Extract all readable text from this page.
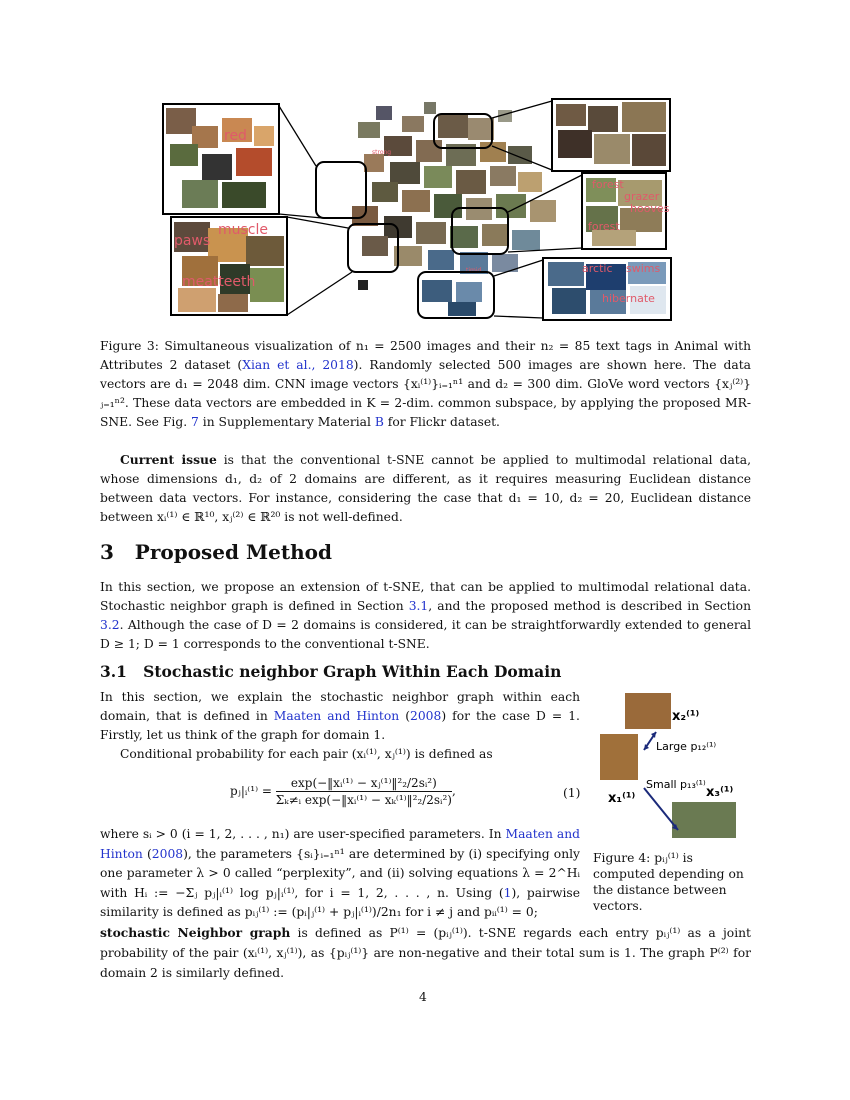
red
paws
muscle
meatteeth
forest
grazer
hooves
forest
arctic swims
hibernate
strong
timid
Figure 3: Simultaneous visualization of n₁ = 2500 images and their n₂ = 85 text tags in Animal with Attributes 2 dataset (Xian et al., 2018). Randomly selected 500 images are shown here. The data vectors are d₁ = 2048 dim. CNN image vectors {xᵢ⁽¹⁾}ᵢ₌₁ⁿ¹ and d₂ = 300 dim. GloVe word vectors {xⱼ⁽²⁾}ⱼ₌₁ⁿ². These data vectors are embedded in K = 2-dim. common subspace, by applying the proposed MR-SNE. See Fig. 7 in Supplementary Material B for Flickr dataset.
Current issue is that the conventional t-SNE cannot be applied to multimodal relational data, whose dimensions d₁, d₂ of 2 domains are different, as it requires measuring Euclidean distance between data vectors. For instance, considering the case that d₁ = 10, d₂ = 20, Euclidean distance between xᵢ⁽¹⁾ ∈ ℝ¹⁰, xⱼ⁽²⁾ ∈ ℝ²⁰ is not well-defined.
3   Proposed Method
In this section, we propose an extension of t-SNE, that can be applied to multimodal relational data. Stochastic neighbor graph is defined in Section 3.1, and the proposed method is described in Section 3.2. Although the case of D = 2 domains is considered, it can be straightforwardly extended to general D ≥ 1; D = 1 corresponds to the conventional t-SNE.
3.1   Stochastic neighbor Graph Within Each Domain
In this section, we explain the stochastic neighbor graph within each domain, that is defined in Maaten and Hinton (2008) for the case D = 1. Firstly, let us think of the graph for domain 1.
Conditional probability for each pair (xᵢ⁽¹⁾, xⱼ⁽¹⁾) is defined as
pⱼ|ᵢ⁽¹⁾ = $\frac{\text{exp(−‖xᵢ⁽¹⁾ − xⱼ⁽¹⁾‖²₂/2sᵢ²)}}{\text{Σₖ≠ᵢ exp(−‖xᵢ⁽¹⁾ − xₖ⁽¹⁾‖²₂/2sᵢ²)}}$ ,	(1)
where sᵢ > 0 (i = 1, 2, . . . , n₁) are user-specified parameters. In Maaten and Hinton (2008), the parameters {sᵢ}ᵢ₌₁ⁿ¹ are determined by (i) specifying only one parameter λ > 0 called “perplexity”, and (ii) solving equations λ = 2^Hᵢ with Hᵢ := −Σⱼ pⱼ|ᵢ⁽¹⁾ log pⱼ|ᵢ⁽¹⁾, for i = 1, 2, . . . , n. Using (1), pairwise similarity is defined as pᵢⱼ⁽¹⁾ := (pᵢ|ⱼ⁽¹⁾ + pⱼ|ᵢ⁽¹⁾)/2n₁ for i ≠ j and pᵢᵢ⁽¹⁾ = 0;
stochastic Neighbor graph is defined as P⁽¹⁾ = (pᵢⱼ⁽¹⁾). t-SNE regards each entry pᵢⱼ⁽¹⁾ as a joint probability of the pair (xᵢ⁽¹⁾, xⱼ⁽¹⁾), as {pᵢⱼ⁽¹⁾} are non-negative and their total sum is 1. The graph P⁽²⁾ for domain 2 is similarly defined.
x₂⁽¹⁾
Large p₁₂⁽¹⁾
Small p₁₃⁽¹⁾
x₁⁽¹⁾	x₃⁽¹⁾
Figure 4: pᵢⱼ⁽¹⁾ is computed depending on the distance between vectors.
4
